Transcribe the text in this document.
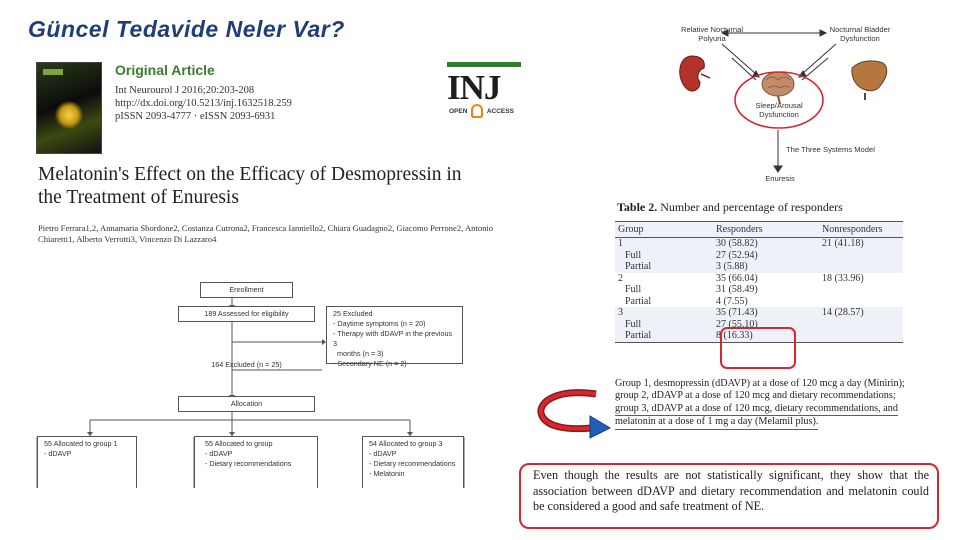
Güncel Tedavide Neler Var?
Original Article
Int Neurourol J 2016;20:203-208
http://dx.doi.org/10.5213/inj.1632518.259
pISSN 2093-4777 · eISSN 2093-6931
INJ
OPEN	ACCESS
Melatonin's Effect on the Efficacy of Desmopressin in the Treatment of Enuresis
Pietro Ferrara1,2, Annamaria Sbordone2, Costanza Cutrona2, Francesca Ianniello2, Chiara Guadagno2, Giacomo Perrone2, Antonio Chiaretti1, Alberto Verrotti3, Vincenzo Di Lazzaro4
Enrollment
189 Assessed for eligibility	25 Excluded
- Daytime symptoms (n = 20)
- Therapy with dDAVP in the previous 3
months (n = 3)
- Secondary NE (n = 2)
164 Excluded (n = 25)
Allocation
55 Allocated to group 1
- dDAVP
55 Allocated to group
- dDAVP
- Dietary recommendations
54 Allocated to group 3
- dDAVP
- Dietary recommendations
- Melatonin
Relative Nocturnal Polyuria
Nocturnal Bladder Dysfunction
Sleep/Arousal Dysfunction
The Three Systems Model
Enuresis
Table 2. Number and percentage of responders
Group	Responders	Nonresponders
1	30 (58.82)	21 (41.18)
Full	27 (52.94)	
Partial	3 (5.88)	
2	35 (66.04)	18 (33.96)
Full	31 (58.49)	
Partial	4 (7.55)	
3	35 (71.43)	14 (28.57)
Full	27 (55.10)	
Partial	8 (16.33)	
Group 1, desmopressin (dDAVP) at a dose of 120 mcg a day (Minirin);
group 2, dDAVP at a dose of 120 mcg and dietary recommendations;
group 3, dDAVP at a dose of 120 mcg, dietary recommendations, and melatonin at a dose of 1 mg a day (Melamil plus).
Even though the results are not statistically significant, they show that the association between dDAVP and dietary recommendation and melatonin could be considered a good and safe treatment of NE.
